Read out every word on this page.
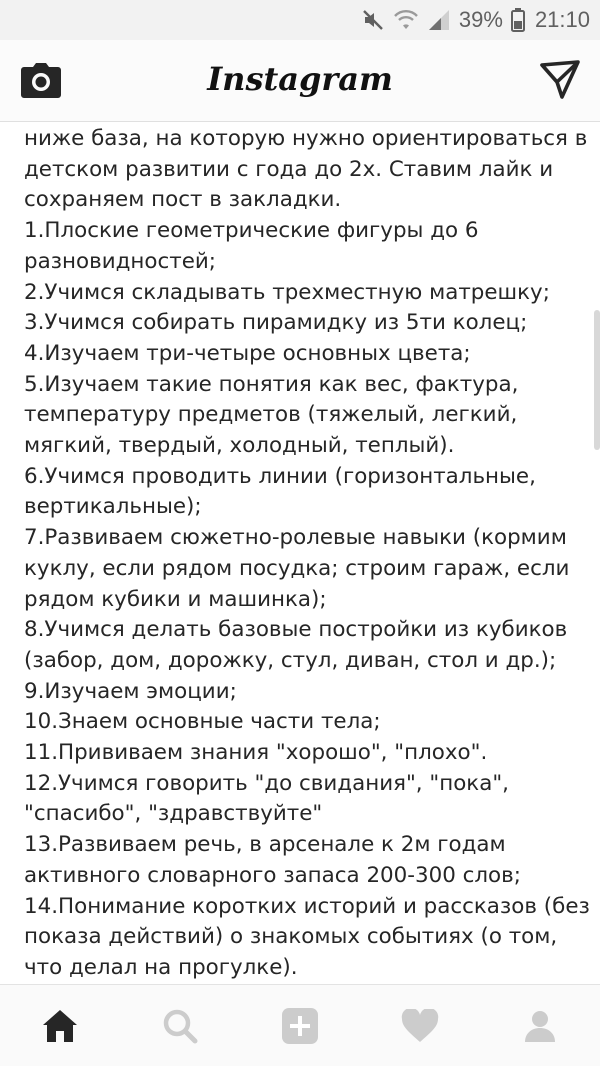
39% 21:10
Instagram

ниже база, на которую нужно ориентироваться в

детском развитии с года до 2х. Ставим лайк и

сохраняем пост в закладки.

1.Плоские геометрические фигуры до 6

разновидностей;

2.Учимся складывать трехместную матрешку;

3.Учимся собирать пирамидку из 5ти колец;

4.Изучаем три-четыре основных цвета;

5.Изучаем такие понятия как вес, фактура,

температуру предметов (тяжелый, легкий,

мягкий, твердый, холодный, теплый).

6.Учимся проводить линии (горизонтальные,

вертикальные);

7.Развиваем сюжетно-ролевые навыки (кормим

куклу, если рядом посудка; строим гараж, если

рядом кубики и машинка);

8.Учимся делать базовые постройки из кубиков

(забор, дом, дорожку, стул, диван, стол и др.);

9.Изучаем эмоции;

10.Знаем основные части тела;

11.Прививаем знания "хорошо", "плохо".

12.Учимся говорить "до свидания", "пока",

"спасибо", "здравствуйте"

13.Развиваем речь, в арсенале к 2м годам

активного словарного запаса 200-300 слов;

14.Понимание коротких историй и рассказов (без

показа действий) о знакомых событиях (о том,

что делал на прогулке).
